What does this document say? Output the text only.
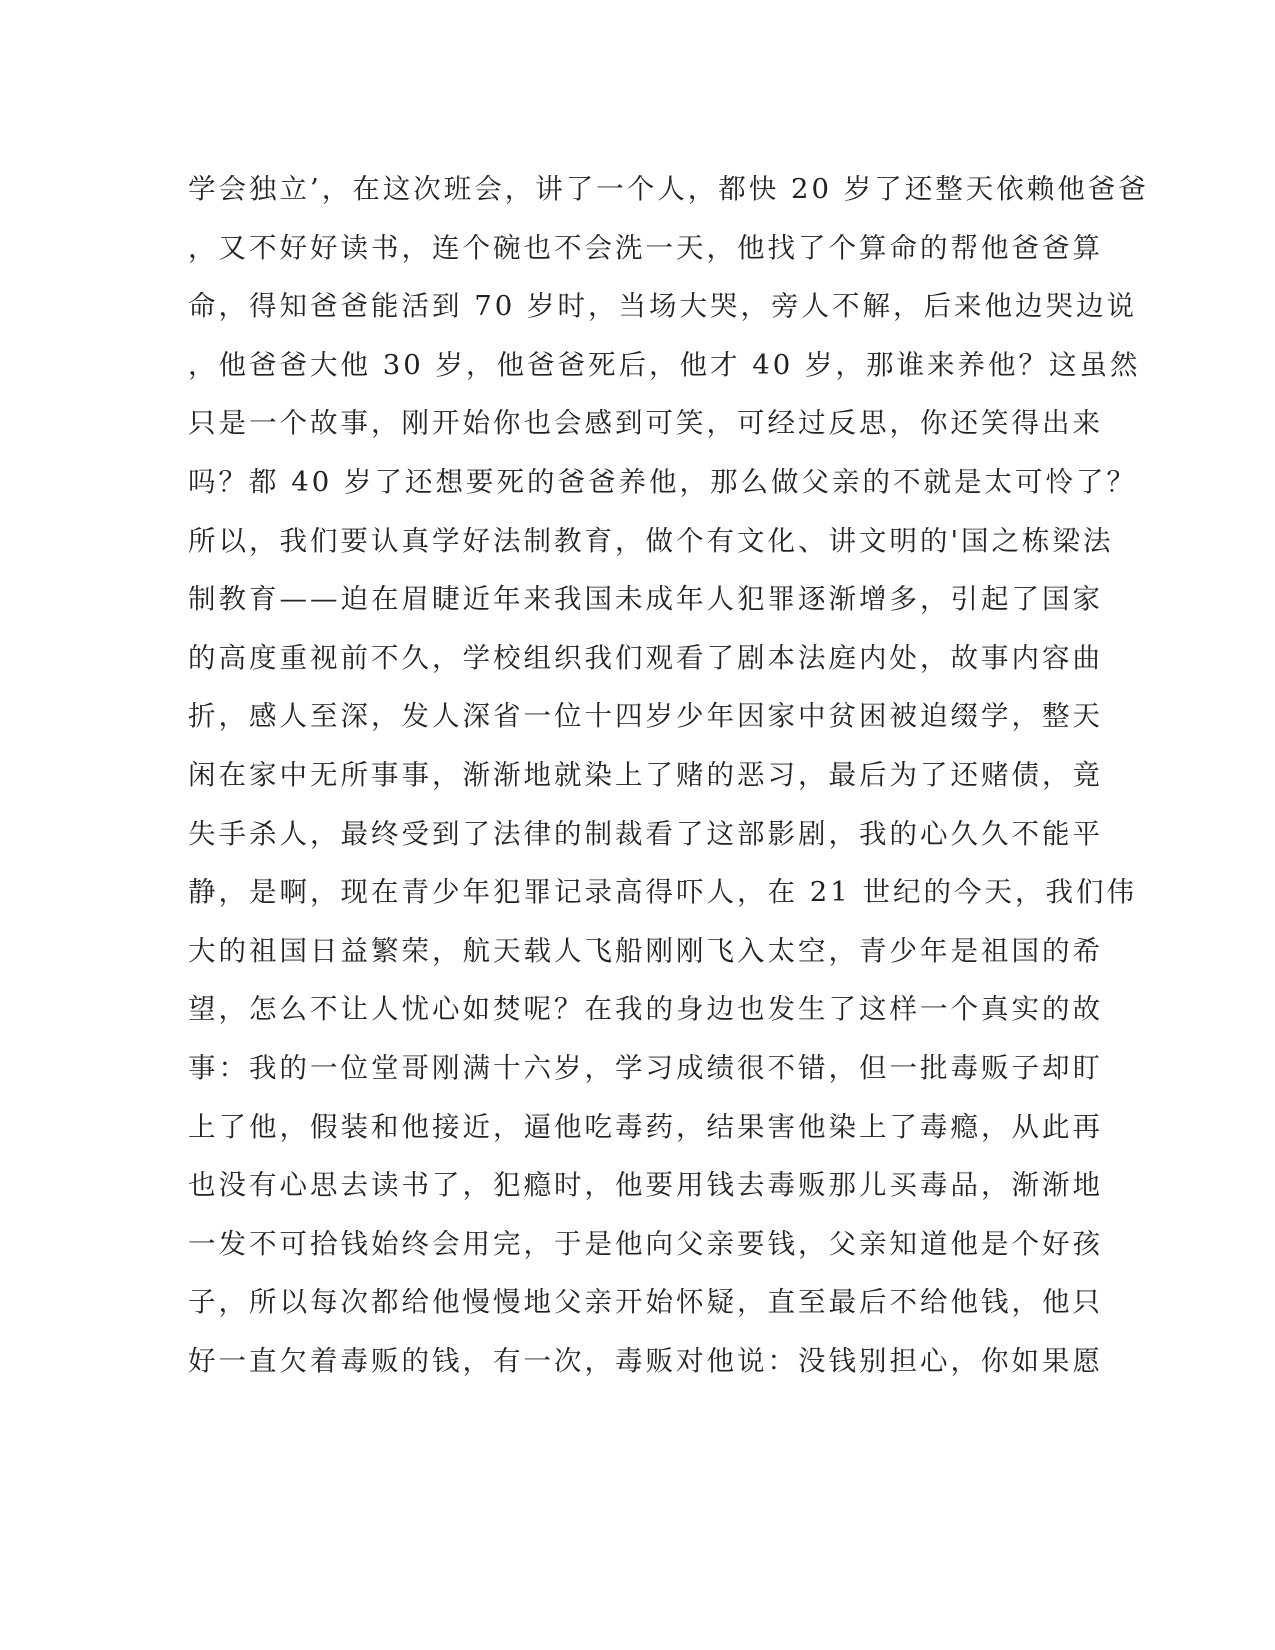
学会独立’，在这次班会，讲了一个人，都快 20 岁了还整天依赖他爸爸

，又不好好读书，连个碗也不会洗一天，他找了个算命的帮他爸爸算

命，得知爸爸能活到 70 岁时，当场大哭，旁人不解，后来他边哭边说

，他爸爸大他 30 岁，他爸爸死后，他才 40 岁，那谁来养他？这虽然

只是一个故事，刚开始你也会感到可笑，可经过反思，你还笑得出来

吗？都 40 岁了还想要死的爸爸养他，那么做父亲的不就是太可怜了？

所以，我们要认真学好法制教育，做个有文化、讲文明的'国之栋梁法

制教育——迫在眉睫近年来我国未成年人犯罪逐渐增多，引起了国家

的高度重视前不久，学校组织我们观看了剧本法庭内处，故事内容曲

折，感人至深，发人深省一位十四岁少年因家中贫困被迫缀学，整天

闲在家中无所事事，渐渐地就染上了赌的恶习，最后为了还赌债，竟

失手杀人，最终受到了法律的制裁看了这部影剧，我的心久久不能平

静，是啊，现在青少年犯罪记录高得吓人，在 21 世纪的今天，我们伟

大的祖国日益繁荣，航天载人飞船刚刚飞入太空，青少年是祖国的希

望，怎么不让人忧心如焚呢？在我的身边也发生了这样一个真实的故

事：我的一位堂哥刚满十六岁，学习成绩很不错，但一批毒贩子却盯

上了他，假装和他接近，逼他吃毒药，结果害他染上了毒瘾，从此再

也没有心思去读书了，犯瘾时，他要用钱去毒贩那儿买毒品，渐渐地

一发不可拾钱始终会用完，于是他向父亲要钱，父亲知道他是个好孩

子，所以每次都给他慢慢地父亲开始怀疑，直至最后不给他钱，他只

好一直欠着毒贩的钱，有一次，毒贩对他说：没钱别担心，你如果愿
